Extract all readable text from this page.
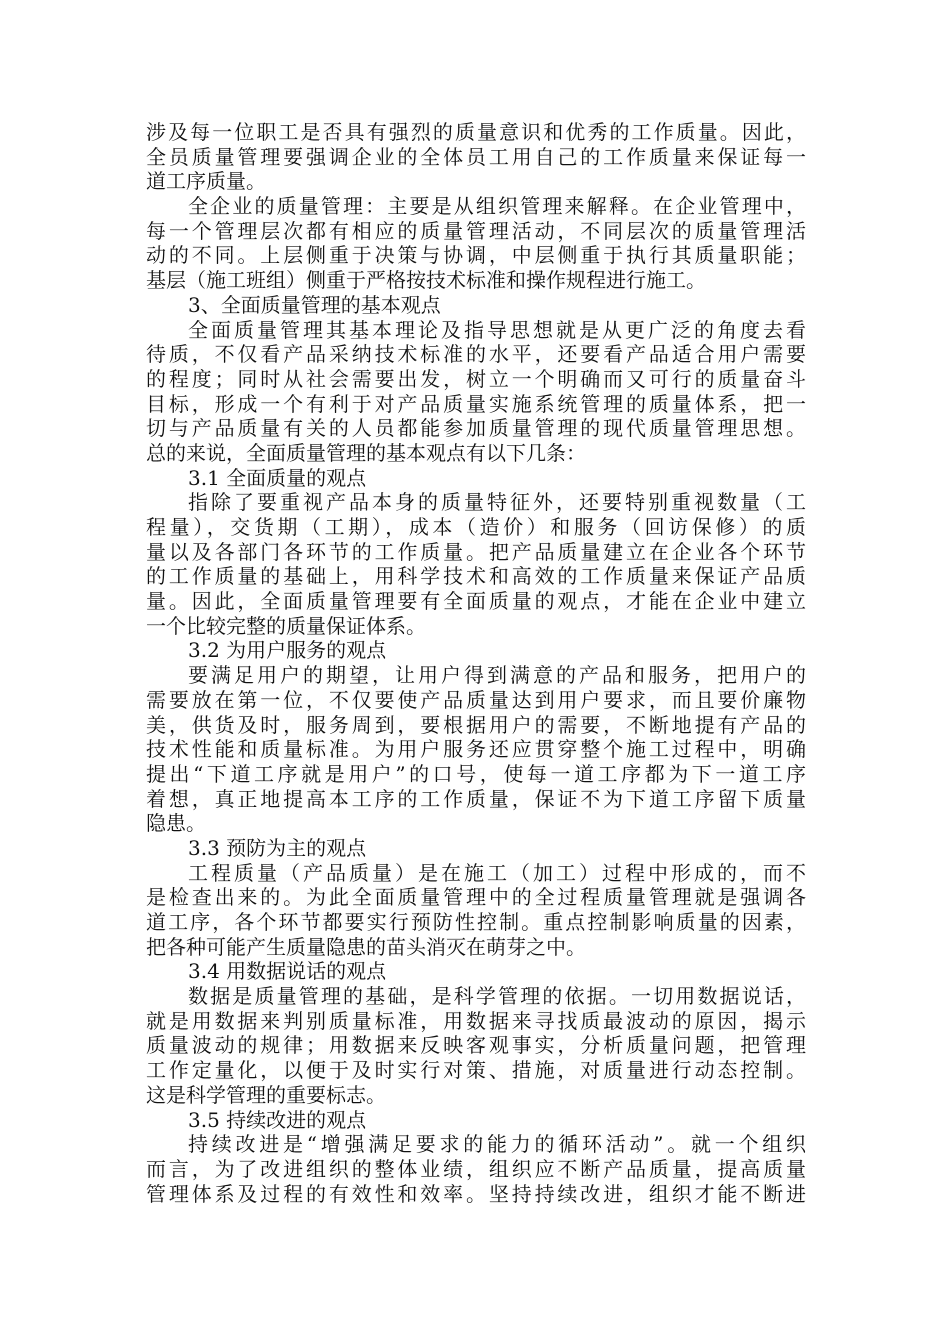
涉及每一位职工是否具有强烈的质量意识和优秀的工作质量。因此，
全员质量管理要强调企业的全体员工用自己的工作质量来保证每一
道工序质量。
全企业的质量管理：主要是从组织管理来解释。在企业管理中，
每一个管理层次都有相应的质量管理活动，不同层次的质量管理活
动的不同。上层侧重于决策与协调，中层侧重于执行其质量职能；
基层（施工班组）侧重于严格按技术标准和操作规程进行施工。
3、全面质量管理的基本观点
全面质量管理其基本理论及指导思想就是从更广泛的角度去看
待质，不仅看产品采纳技术标准的水平，还要看产品适合用户需要
的程度；同时从社会需要出发，树立一个明确而又可行的质量奋斗
目标，形成一个有利于对产品质量实施系统管理的质量体系，把一
切与产品质量有关的人员都能参加质量管理的现代质量管理思想。
总的来说，全面质量管理的基本观点有以下几条：
3.1 全面质量的观点
指除了要重视产品本身的质量特征外，还要特别重视数量（工
程量），交货期（工期），成本（造价）和服务（回访保修）的质
量以及各部门各环节的工作质量。把产品质量建立在企业各个环节
的工作质量的基础上，用科学技术和高效的工作质量来保证产品质
量。因此，全面质量管理要有全面质量的观点，才能在企业中建立
一个比较完整的质量保证体系。
3.2 为用户服务的观点
要满足用户的期望，让用户得到满意的产品和服务，把用户的
需要放在第一位，不仅要使产品质量达到用户要求，而且要价廉物
美，供货及时，服务周到，要根据用户的需要，不断地提有产品的
技术性能和质量标准。为用户服务还应贯穿整个施工过程中，明确
提出“下道工序就是用户”的口号，使每一道工序都为下一道工序
着想，真正地提高本工序的工作质量，保证不为下道工序留下质量
隐患。
3.3 预防为主的观点
工程质量（产品质量）是在施工（加工）过程中形成的，而不
是检查出来的。为此全面质量管理中的全过程质量管理就是强调各
道工序，各个环节都要实行预防性控制。重点控制影响质量的因素，
把各种可能产生质量隐患的苗头消灭在萌芽之中。
3.4 用数据说话的观点
数据是质量管理的基础，是科学管理的依据。一切用数据说话，
就是用数据来判别质量标准，用数据来寻找质最波动的原因，揭示
质量波动的规律；用数据来反映客观事实，分析质量问题，把管理
工作定量化，以便于及时实行对策、措施，对质量进行动态控制。
这是科学管理的重要标志。
3.5 持续改进的观点
持续改进是“增强满足要求的能力的循环活动”。就一个组织
而言，为了改进组织的整体业绩，组织应不断产品质量，提高质量
管理体系及过程的有效性和效率。坚持持续改进，组织才能不断进
